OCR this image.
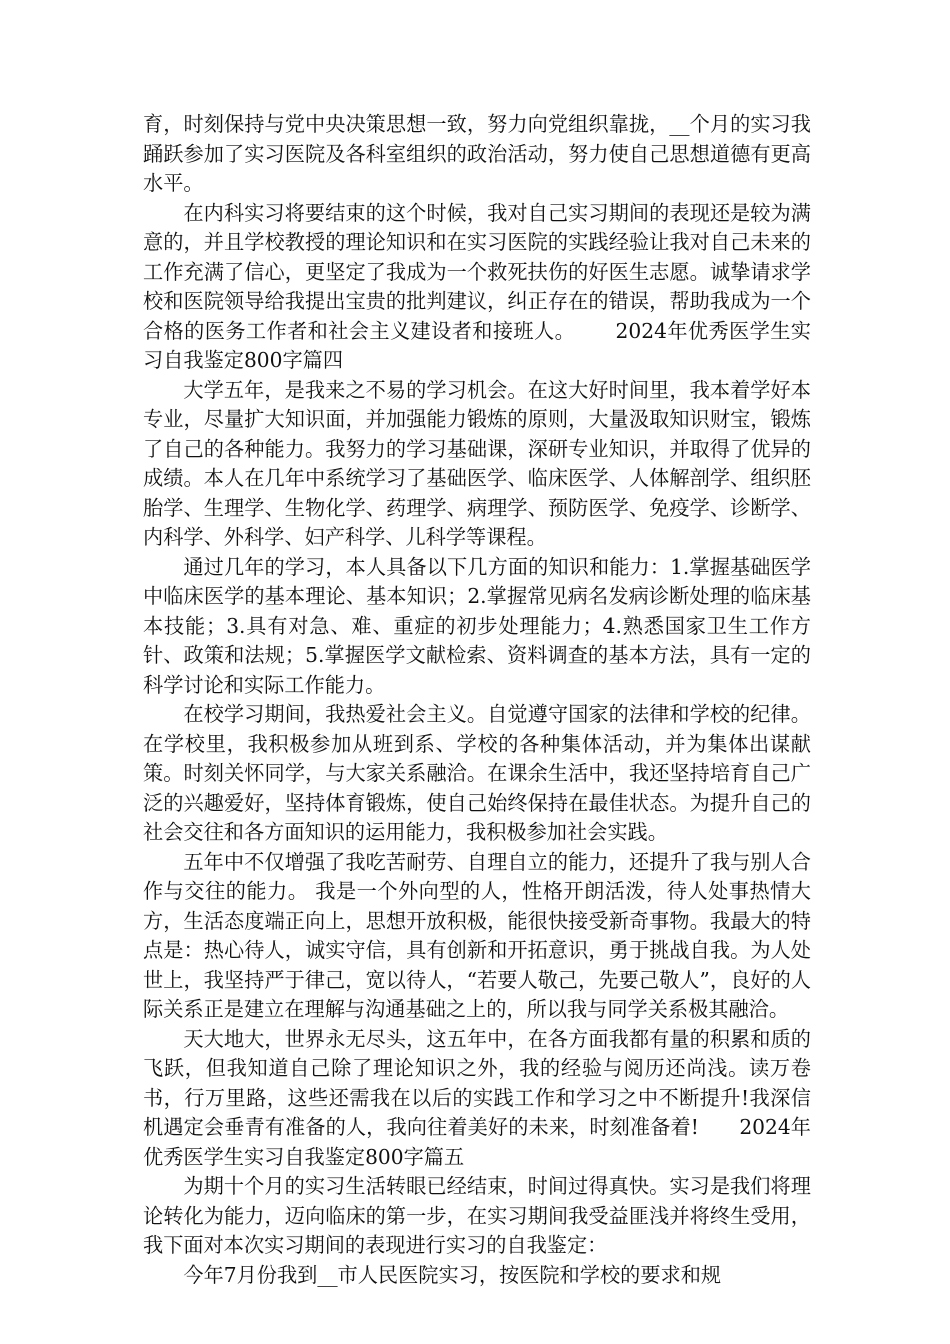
育，时刻保持与党中央决策思想一致，努力向党组织靠拢，__个月的实习我踊跃参加了实习医院及各科室组织的政治活动，努力使自己思想道德有更高水平。

在内科实习将要结束的这个时候，我对自己实习期间的表现还是较为满意的，并且学校教授的理论知识和在实习医院的实践经验让我对自己未来的工作充满了信心，更坚定了我成为一个救死扶伤的好医生志愿。诚挚请求学校和医院领导给我提出宝贵的批判建议，纠正存在的错误，帮助我成为一个合格的医务工作者和社会主义建设者和接班人。 2024年优秀医学生实习自我鉴定800字篇四

大学五年，是我来之不易的学习机会。在这大好时间里，我本着学好本专业，尽量扩大知识面，并加强能力锻炼的原则，大量汲取知识财宝，锻炼了自己的各种能力。我努力的学习基础课，深研专业知识，并取得了优异的成绩。本人在几年中系统学习了基础医学、临床医学、人体解剖学、组织胚胎学、生理学、生物化学、药理学、病理学、预防医学、免疫学、诊断学、内科学、外科学、妇产科学、儿科学等课程。

通过几年的学习，本人具备以下几方面的知识和能力：1.掌握基础医学中临床医学的基本理论、基本知识；2.掌握常见病名发病诊断处理的临床基本技能；3.具有对急、难、重症的初步处理能力；4.熟悉国家卫生工作方针、政策和法规；5.掌握医学文献检索、资料调查的基本方法，具有一定的科学讨论和实际工作能力。

在校学习期间，我热爱社会主义。自觉遵守国家的法律和学校的纪律。在学校里，我积极参加从班到系、学校的各种集体活动，并为集体出谋献策。时刻关怀同学，与大家关系融洽。在课余生活中，我还坚持培育自己广泛的兴趣爱好，坚持体育锻炼，使自己始终保持在最佳状态。为提升自己的社会交往和各方面知识的运用能力，我积极参加社会实践。

五年中不仅增强了我吃苦耐劳、自理自立的能力，还提升了我与别人合作与交往的能力。 我是一个外向型的人，性格开朗活泼，待人处事热情大方，生活态度端正向上，思想开放积极，能很快接受新奇事物。我最大的特点是：热心待人，诚实守信，具有创新和开拓意识，勇于挑战自我。为人处世上，我坚持严于律己，宽以待人，“若要人敬己，先要己敬人”，良好的人际关系正是建立在理解与沟通基础之上的，所以我与同学关系极其融洽。

天大地大，世界永无尽头，这五年中，在各方面我都有量的积累和质的飞跃，但我知道自己除了理论知识之外，我的经验与阅历还尚浅。读万卷书，行万里路，这些还需我在以后的实践工作和学习之中不断提升!我深信机遇定会垂青有准备的人，我向往着美好的未来，时刻准备着! 2024年优秀医学生实习自我鉴定800字篇五

为期十个月的实习生活转眼已经结束，时间过得真快。实习是我们将理论转化为能力，迈向临床的第一步，在实习期间我受益匪浅并将终生受用，我下面对本次实习期间的表现进行实习的自我鉴定：

今年7月份我到__市人民医院实习，按医院和学校的要求和规
